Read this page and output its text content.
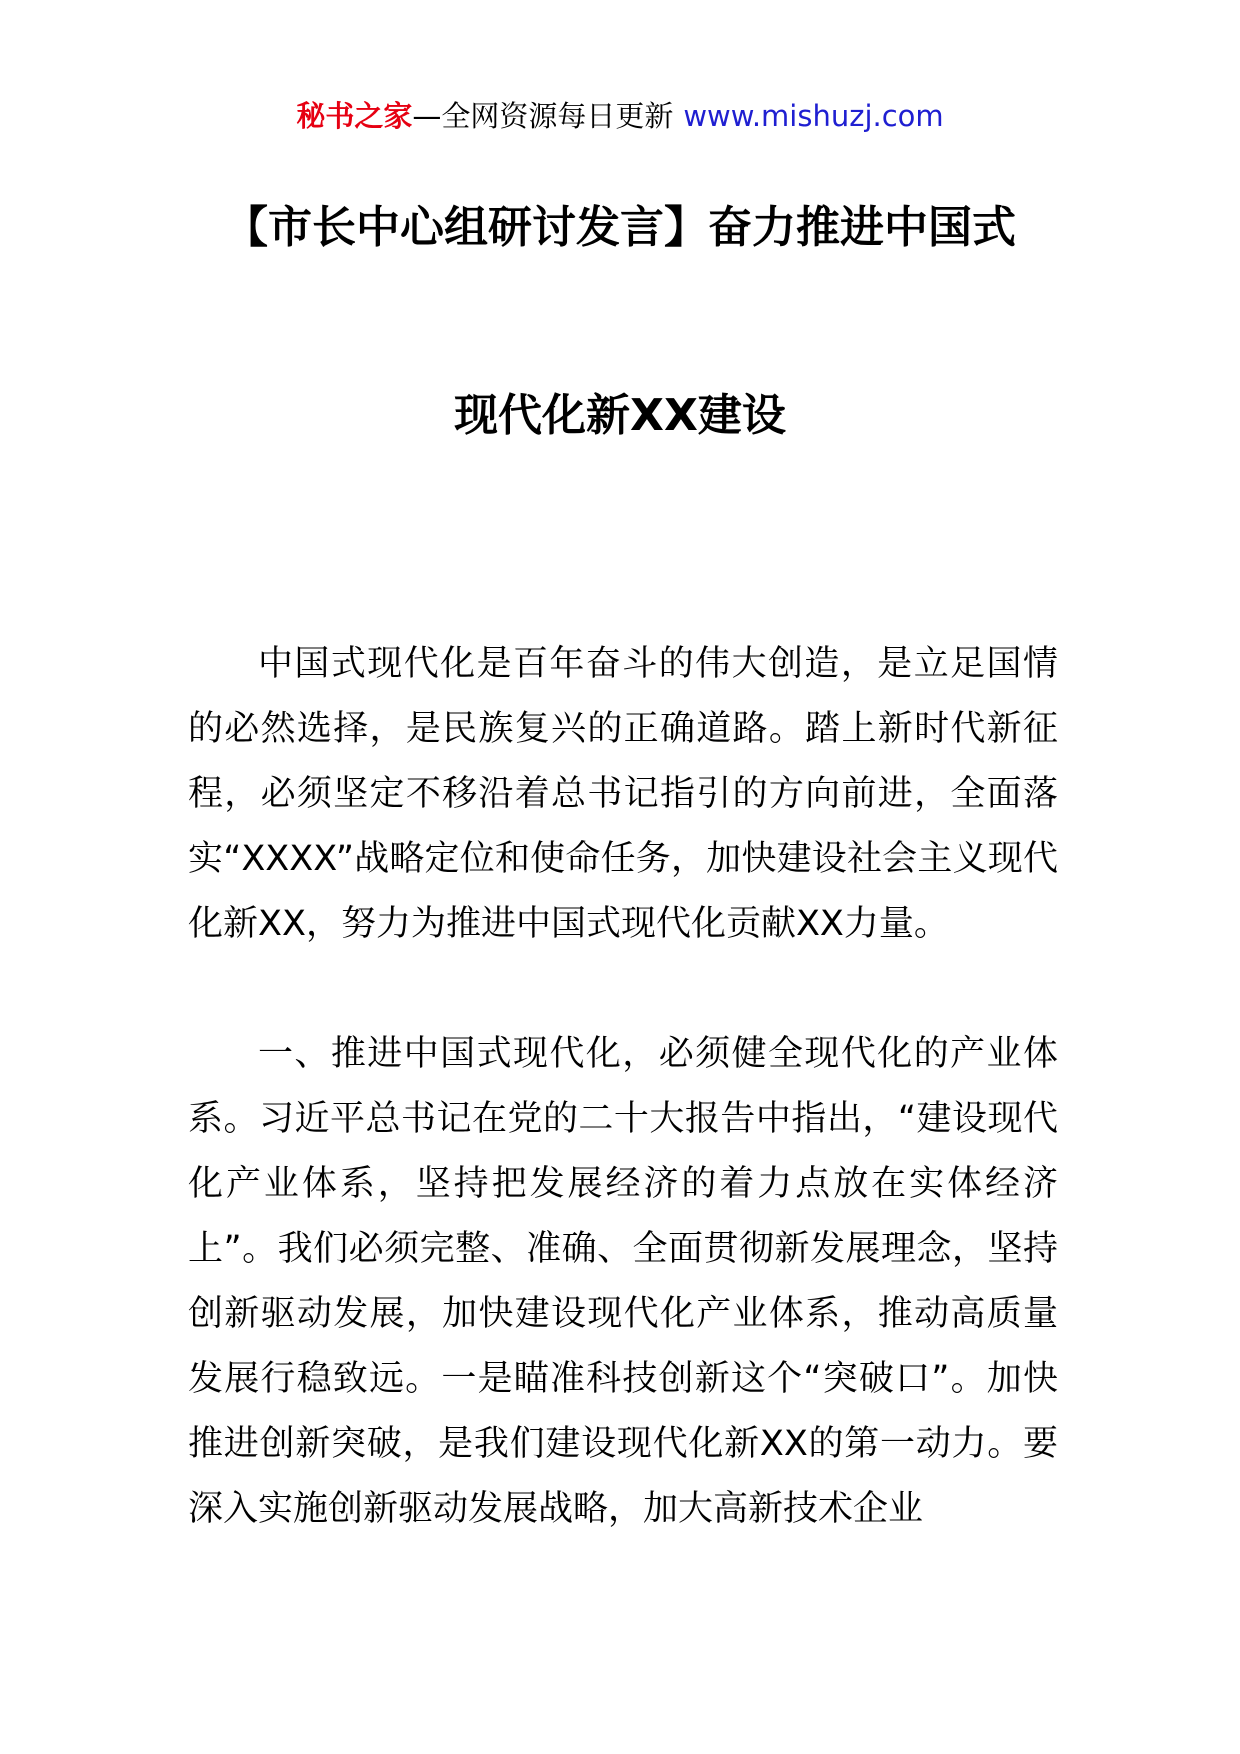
秘书之家—全网资源每日更新 www.mishuzj.com
【市长中心组研讨发言】奋力推进中国式
现代化新XX建设

中国式现代化是百年奋斗的伟大创造，是立足国情的必然选择，是民族复兴的正确道路。踏上新时代新征程，必须坚定不移沿着总书记指引的方向前进，全面落实“XXXX”战略定位和使命任务，加快建设社会主义现代化新XX，努力为推进中国式现代化贡献XX力量。

一、推进中国式现代化，必须健全现代化的产业体系。习近平总书记在党的二十大报告中指出，“建设现代化产业体系，坚持把发展经济的着力点放在实体经济上”。我们必须完整、准确、全面贯彻新发展理念，坚持创新驱动发展，加快建设现代化产业体系，推动高质量发展行稳致远。一是瞄准科技创新这个“突破口”。加快推进创新突破，是我们建设现代化新XX的第一动力。要深入实施创新驱动发展战略，加大高新技术企业
